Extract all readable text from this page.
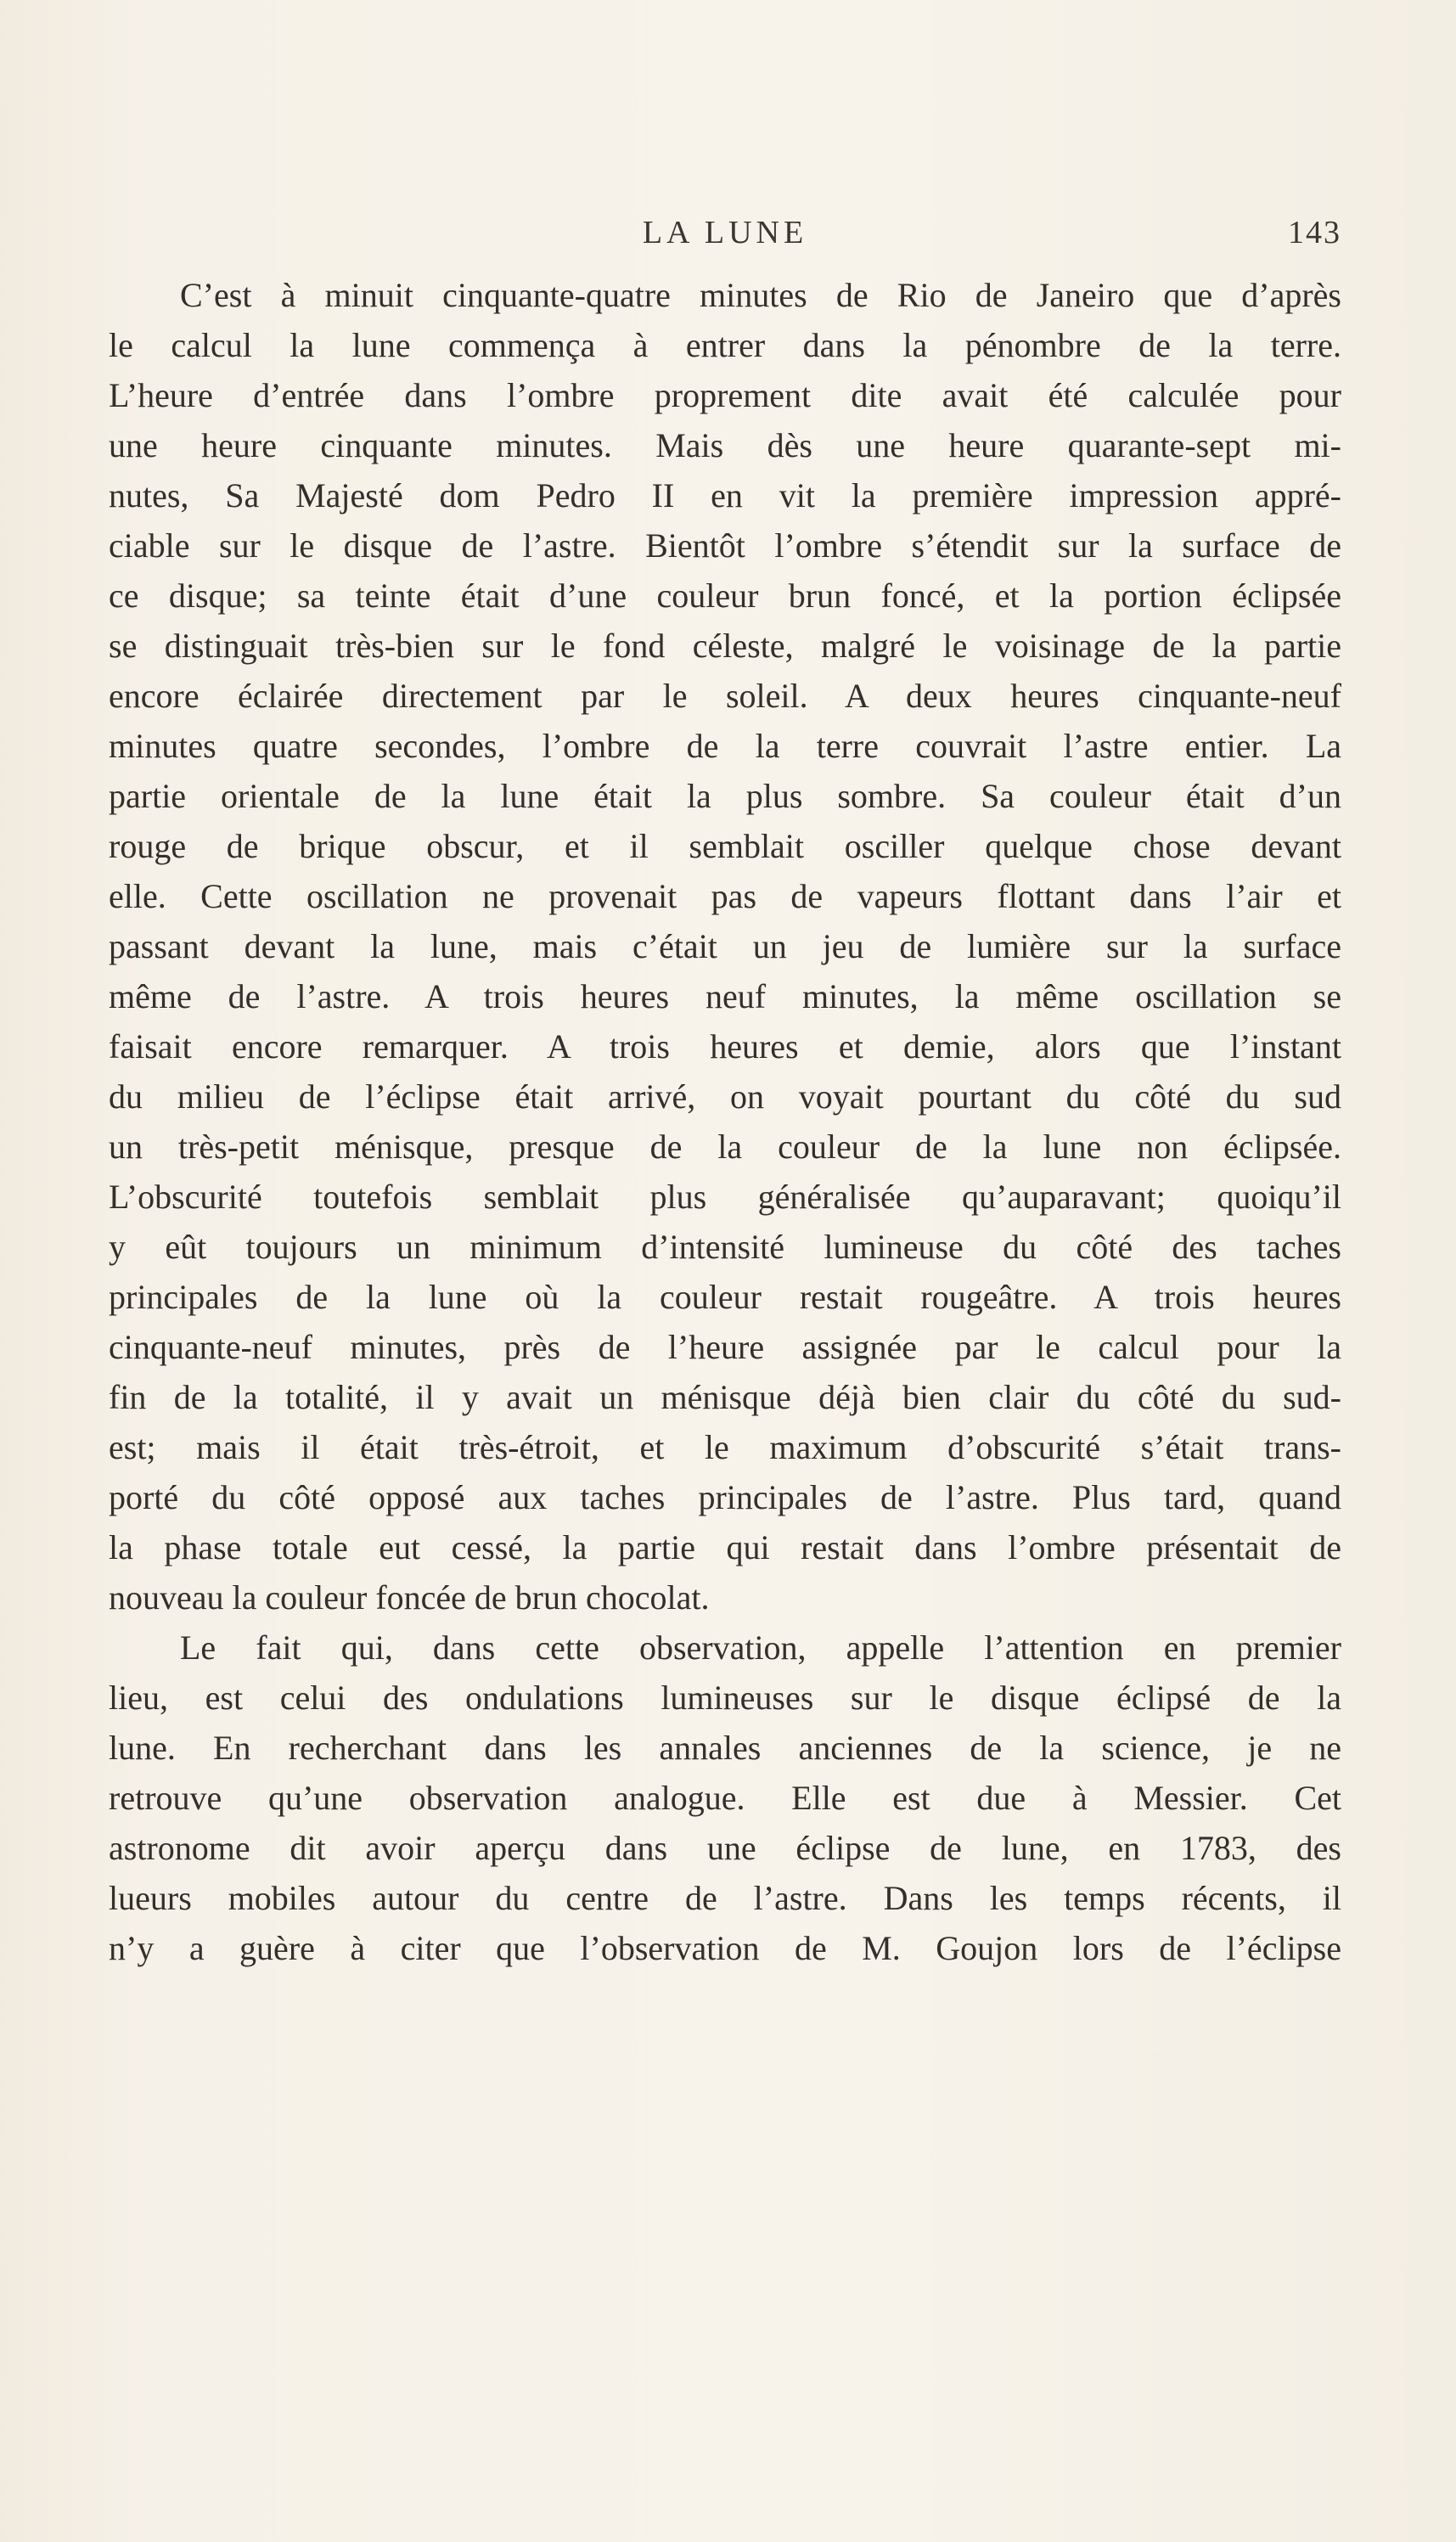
LA LUNE	143
C’est à minuit cinquante-quatre minutes de Rio de Janeiro que d’après
le calcul la lune commença à entrer dans la pénombre de la terre.
L’heure d’entrée dans l’ombre proprement dite avait été calculée pour
une heure cinquante minutes. Mais dès une heure quarante-sept mi-
nutes, Sa Majesté dom Pedro II en vit la première impression appré-
ciable sur le disque de l’astre. Bientôt l’ombre s’étendit sur la surface de
ce disque; sa teinte était d’une couleur brun foncé, et la portion éclipsée
se distinguait très-bien sur le fond céleste, malgré le voisinage de la partie
encore éclairée directement par le soleil. A deux heures cinquante-neuf
minutes quatre secondes, l’ombre de la terre couvrait l’astre entier. La
partie orientale de la lune était la plus sombre. Sa couleur était d’un
rouge de brique obscur, et il semblait osciller quelque chose devant
elle. Cette oscillation ne provenait pas de vapeurs flottant dans l’air et
passant devant la lune, mais c’était un jeu de lumière sur la surface
même de l’astre. A trois heures neuf minutes, la même oscillation se
faisait encore remarquer. A trois heures et demie, alors que l’instant
du milieu de l’éclipse était arrivé, on voyait pourtant du côté du sud
un très-petit ménisque, presque de la couleur de la lune non éclipsée.
L’obscurité toutefois semblait plus généralisée qu’auparavant; quoiqu’il
y eût toujours un minimum d’intensité lumineuse du côté des taches
principales de la lune où la couleur restait rougeâtre. A trois heures
cinquante-neuf minutes, près de l’heure assignée par le calcul pour la
fin de la totalité, il y avait un ménisque déjà bien clair du côté du sud-
est; mais il était très-étroit, et le maximum d’obscurité s’était trans-
porté du côté opposé aux taches principales de l’astre. Plus tard, quand
la phase totale eut cessé, la partie qui restait dans l’ombre présentait de
nouveau la couleur foncée de brun chocolat.
Le fait qui, dans cette observation, appelle l’attention en premier
lieu, est celui des ondulations lumineuses sur le disque éclipsé de la
lune. En recherchant dans les annales anciennes de la science, je ne
retrouve qu’une observation analogue. Elle est due à Messier. Cet
astronome dit avoir aperçu dans une éclipse de lune, en 1783, des
lueurs mobiles autour du centre de l’astre. Dans les temps récents, il
n’y a guère à citer que l’observation de M. Goujon lors de l’éclipse
